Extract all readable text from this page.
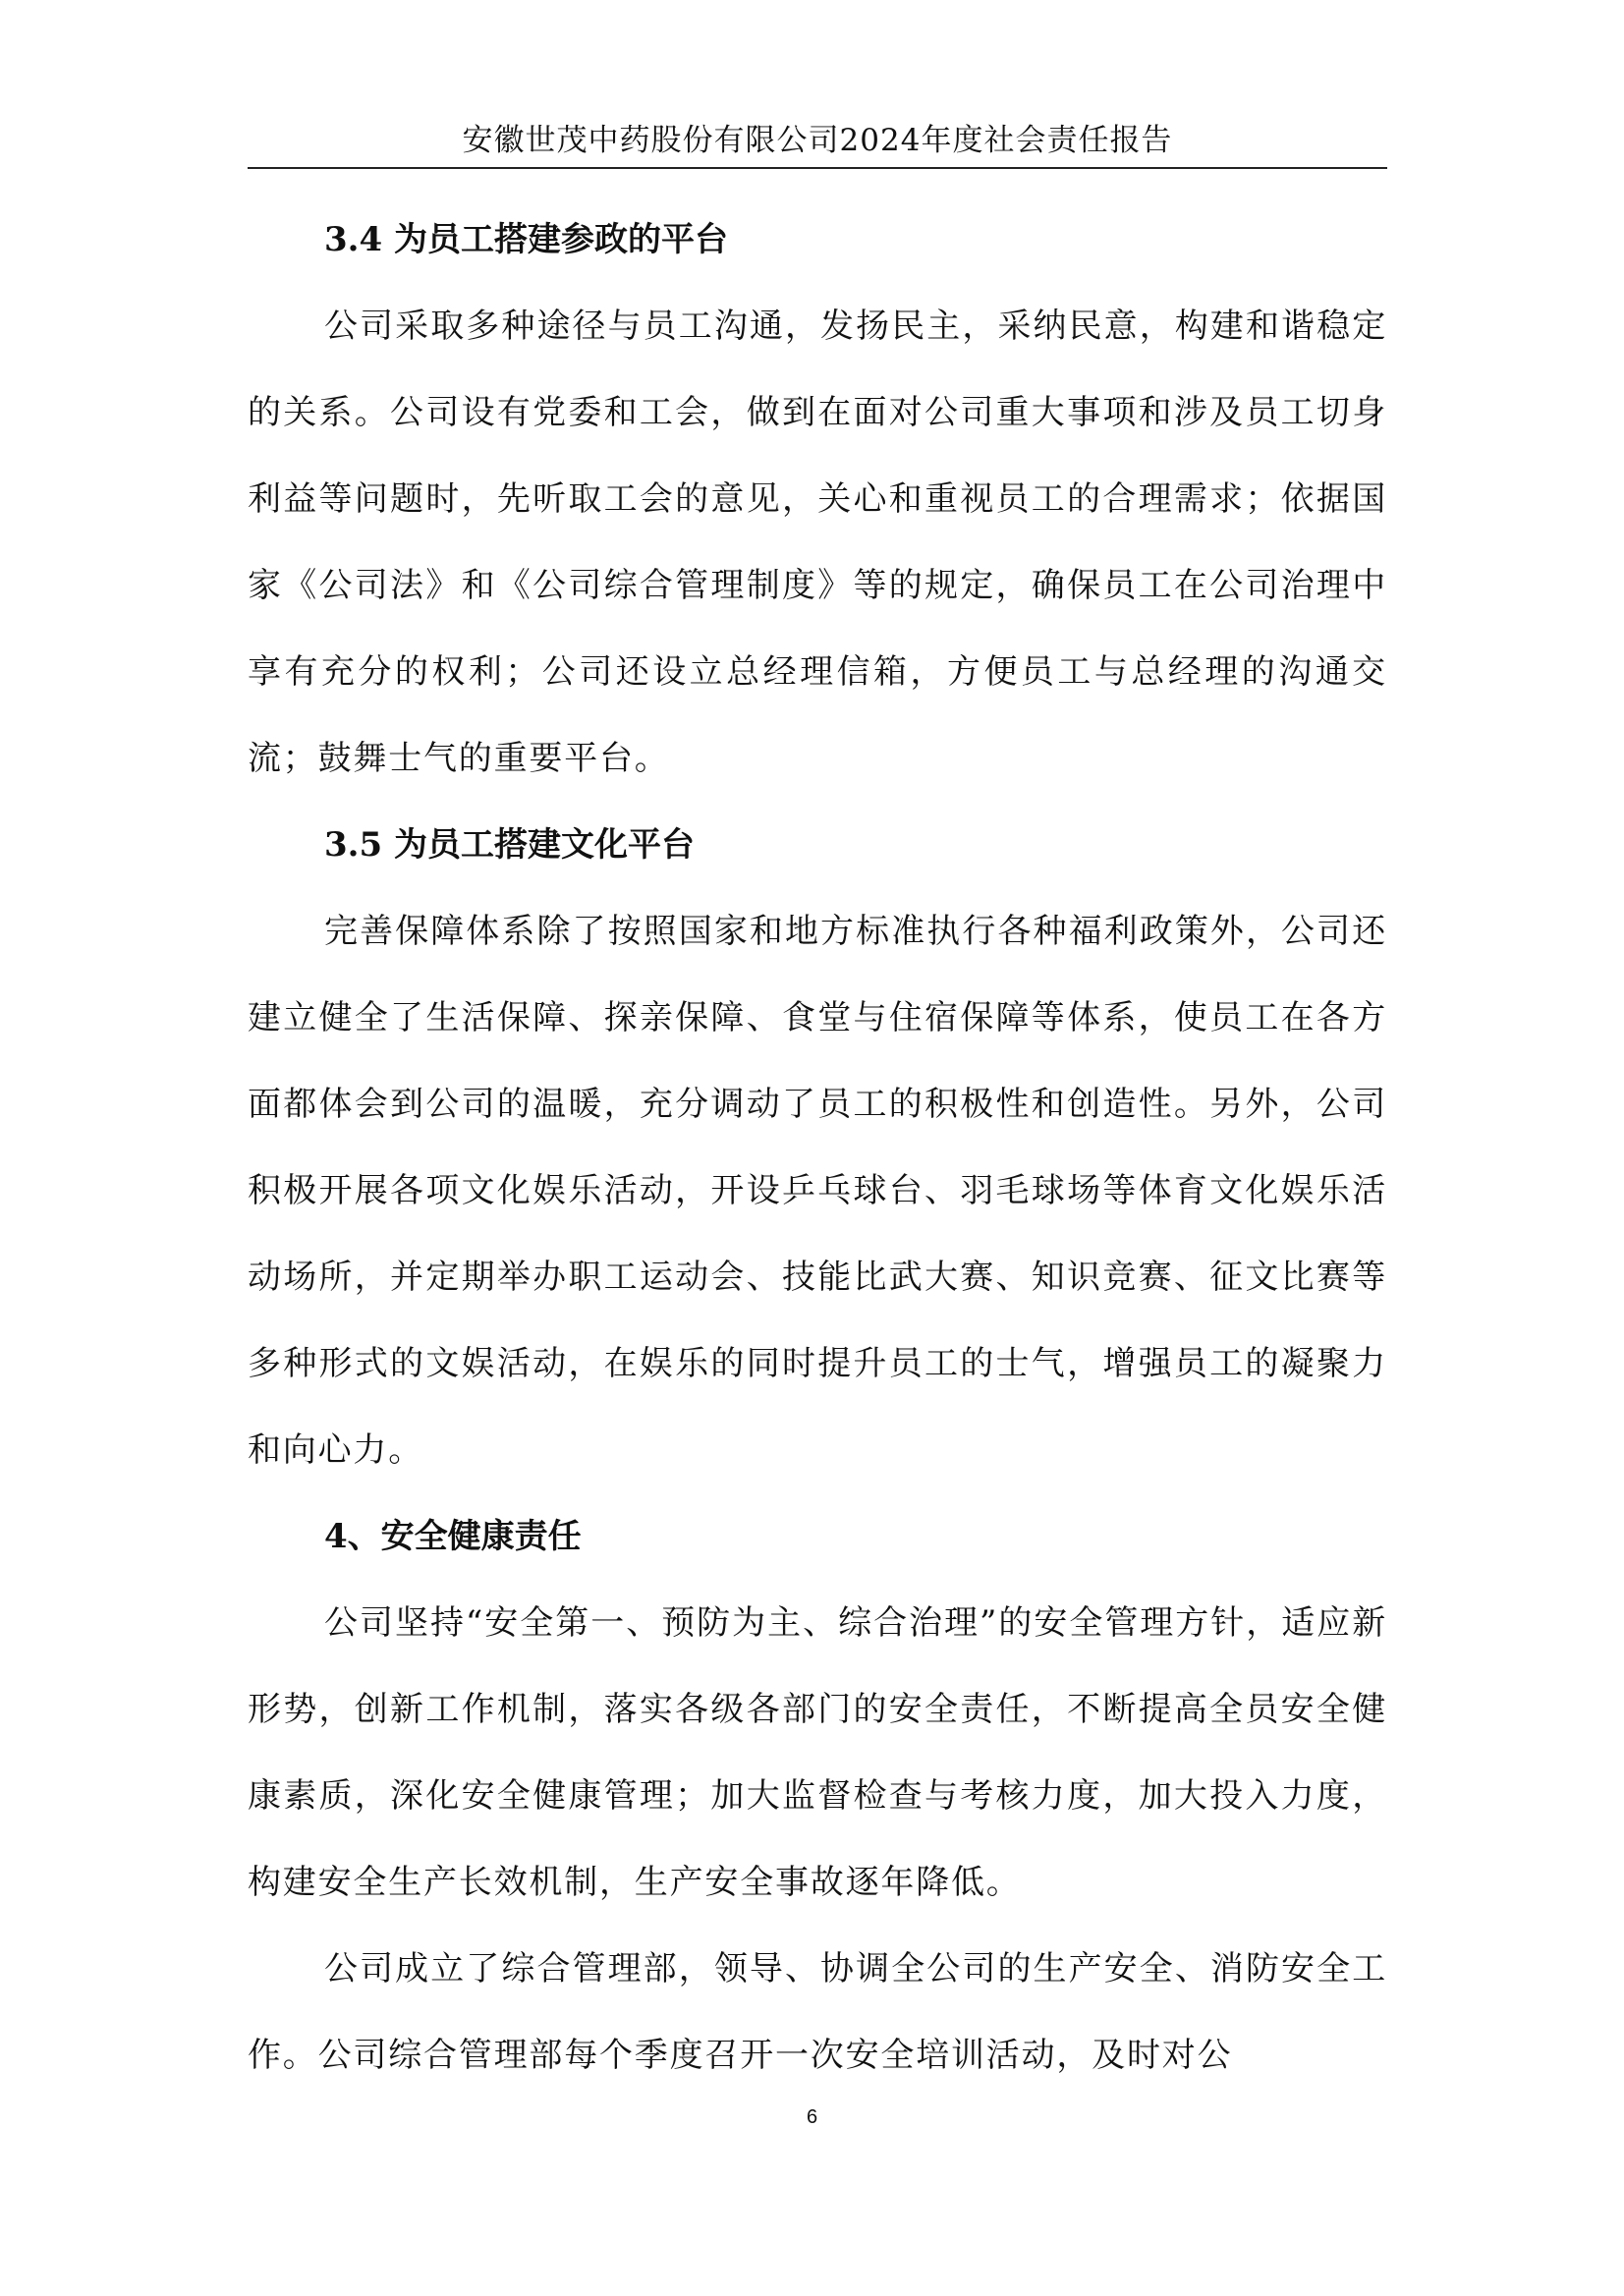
安徽世茂中药股份有限公司2024年度社会责任报告
3.4 为员工搭建参政的平台

公司采取多种途径与员工沟通，发扬民主，采纳民意，构建和谐稳定的关系。公司设有党委和工会，做到在面对公司重大事项和涉及员工切身利益等问题时，先听取工会的意见，关心和重视员工的合理需求；依据国家《公司法》和《公司综合管理制度》等的规定，确保员工在公司治理中享有充分的权利；公司还设立总经理信箱，方便员工与总经理的沟通交流；鼓舞士气的重要平台。

3.5 为员工搭建文化平台

完善保障体系除了按照国家和地方标准执行各种福利政策外，公司还建立健全了生活保障、探亲保障、食堂与住宿保障等体系，使员工在各方面都体会到公司的温暖，充分调动了员工的积极性和创造性。另外，公司积极开展各项文化娱乐活动，开设乒乓球台、羽毛球场等体育文化娱乐活动场所，并定期举办职工运动会、技能比武大赛、知识竞赛、征文比赛等多种形式的文娱活动，在娱乐的同时提升员工的士气，增强员工的凝聚力和向心力。

4、安全健康责任

公司坚持“安全第一、预防为主、综合治理”的安全管理方针，适应新形势，创新工作机制，落实各级各部门的安全责任，不断提高全员安全健康素质，深化安全健康管理；加大监督检查与考核力度，加大投入力度，构建安全生产长效机制，生产安全事故逐年降低。

公司成立了综合管理部，领导、协调全公司的生产安全、消防安全工作。公司综合管理部每个季度召开一次安全培训活动，及时对公

6
